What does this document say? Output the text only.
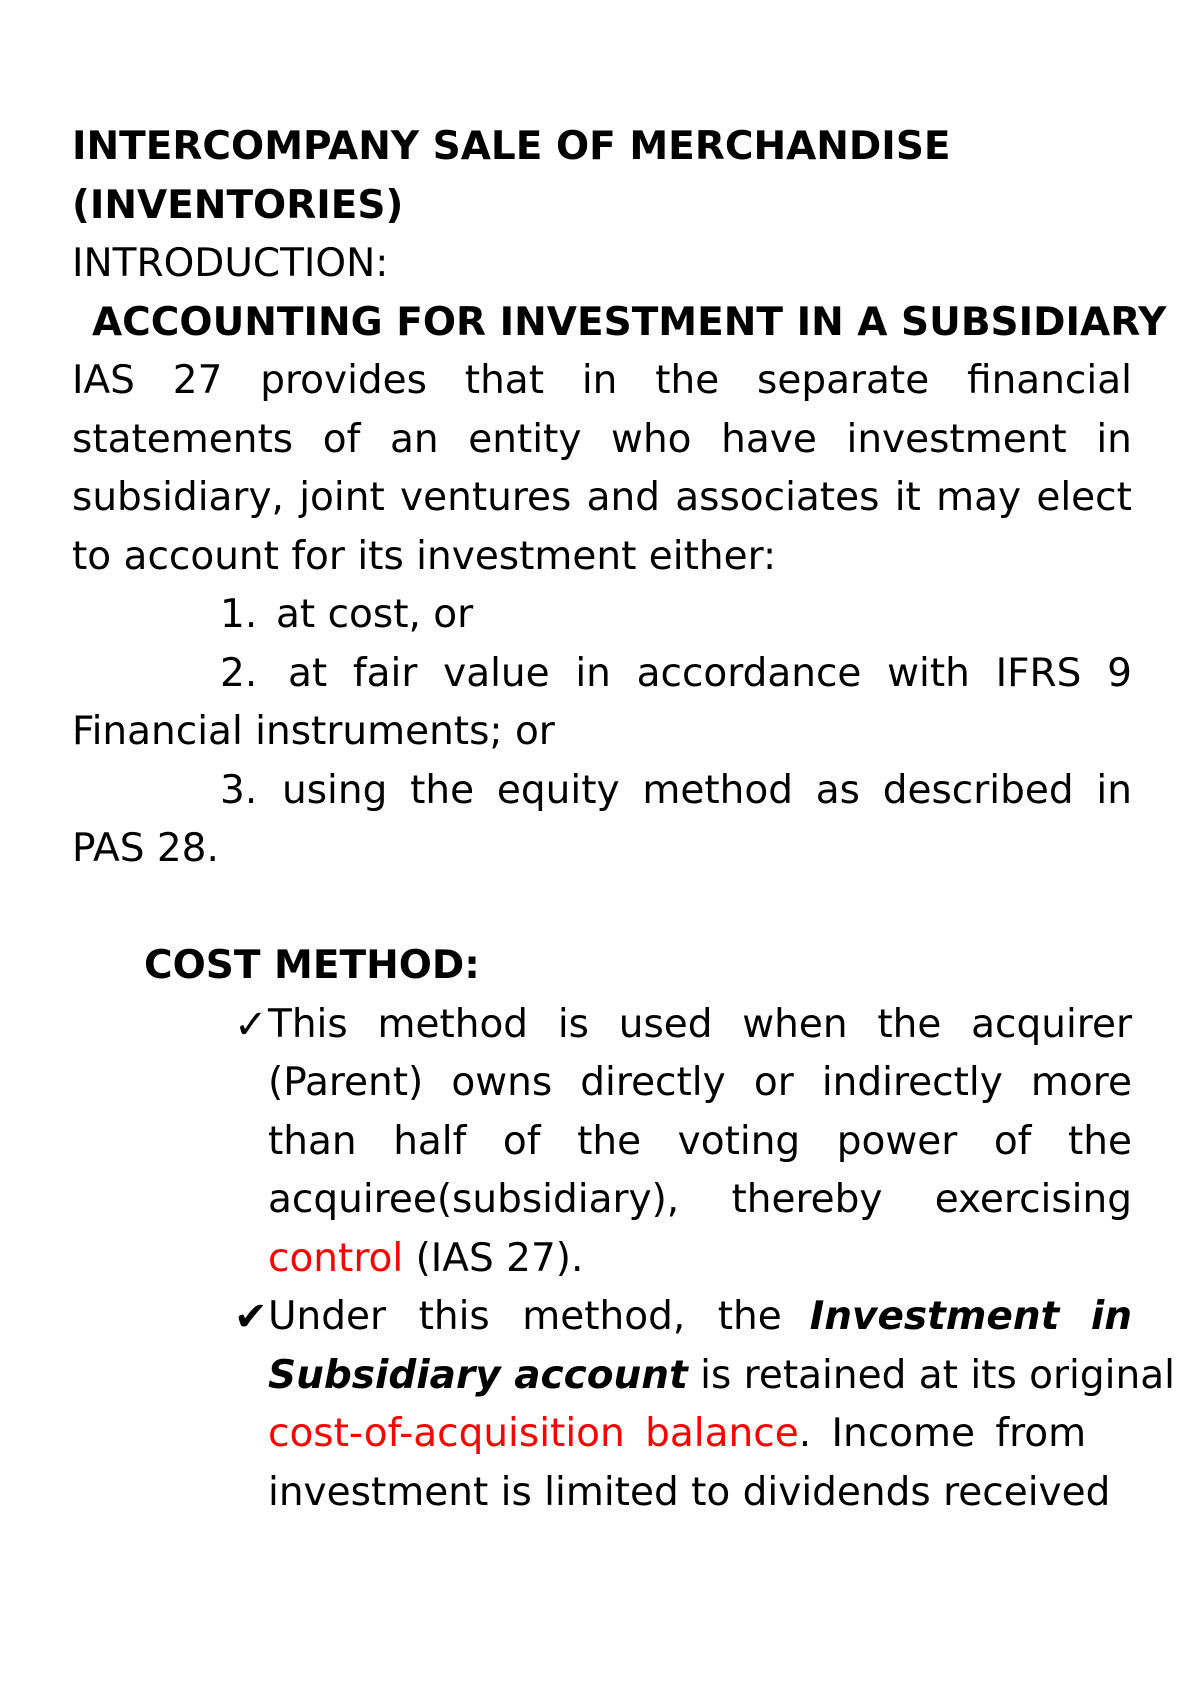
INTERCOMPANY SALE OF MERCHANDISE
(INVENTORIES)
INTRODUCTION:
ACCOUNTING FOR INVESTMENT IN A SUBSIDIARY
IAS 27 provides that in the separate financial
statements of an entity who have investment in
subsidiary, joint ventures and associates it may elect
to account for its investment either:
1. at cost, or
2. at fair value in accordance with IFRS 9
Financial instruments; or
3. using the equity method as described in
PAS 28.
COST METHOD:
✓ This method is used when the acquirer
(Parent) owns directly or indirectly more
than half of the voting power of the
acquiree(subsidiary), thereby exercising
control (IAS 27).
✔ Under this method, the Investment in
Subsidiary account is retained at its original
cost-of-acquisition balance. Income from
investment is limited to dividends received
